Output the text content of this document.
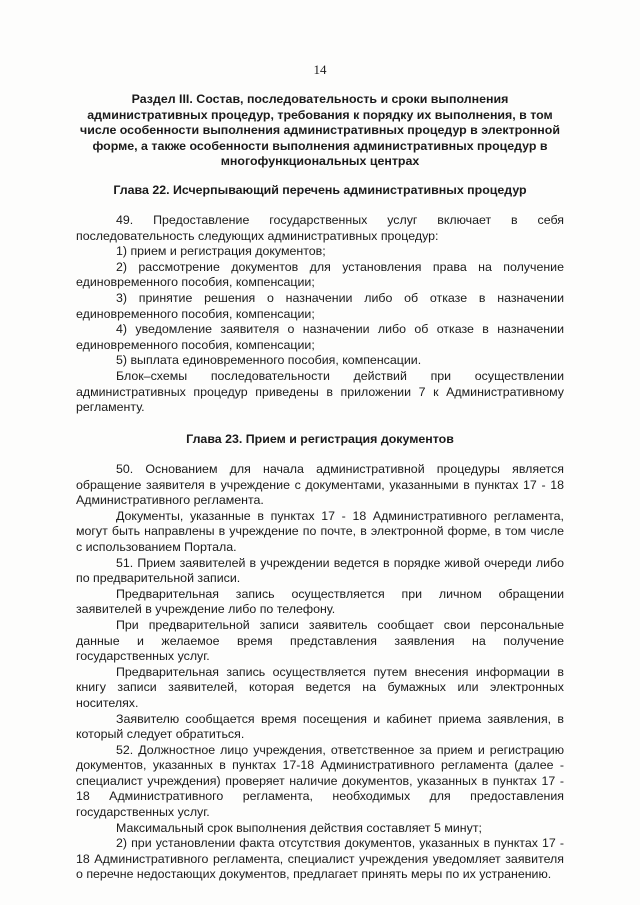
14
Раздел III. Состав, последовательность и сроки выполнения административных процедур, требования к порядку их выполнения, в том числе особенности выполнения административных процедур в электронной форме, а также особенности выполнения административных процедур в многофункциональных центрах
Глава 22. Исчерпывающий перечень административных процедур

49. Предоставление государственных услуг включает в себя последовательность следующих административных процедур:

1) прием и регистрация документов;

2) рассмотрение документов для установления права на получение единовременного пособия, компенсации;

3) принятие решения о назначении либо об отказе в назначении единовременного пособия, компенсации;

4) уведомление заявителя о назначении либо об отказе в назначении единовременного пособия, компенсации;

5) выплата единовременного пособия, компенсации.

Блок–схемы последовательности действий при осуществлении административных процедур приведены в приложении 7 к Административному регламенту.

Глава 23. Прием и регистрация документов

50. Основанием для начала административной процедуры является обращение заявителя в учреждение с документами, указанными в пунктах 17 - 18 Административного регламента.

Документы, указанные в пунктах 17 - 18 Административного регламента, могут быть направлены в учреждение по почте, в электронной форме, в том числе с использованием Портала.

51. Прием заявителей в учреждении ведется в порядке живой очереди либо по предварительной записи.

Предварительная запись осуществляется при личном обращении заявителей в учреждение либо по телефону.

При предварительной записи заявитель сообщает свои персональные данные и желаемое время представления заявления на получение государственных услуг.

Предварительная запись осуществляется путем внесения информации в книгу записи заявителей, которая ведется на бумажных или электронных носителях.

Заявителю сообщается время посещения и кабинет приема заявления, в который следует обратиться.

52. Должностное лицо учреждения, ответственное за прием и регистрацию документов, указанных в пунктах 17-18 Административного регламента (далее - специалист учреждения) проверяет наличие документов, указанных в пунктах 17 - 18 Административного регламента, необходимых для предоставления государственных услуг.

Максимальный срок выполнения действия составляет 5 минут;

2) при установлении факта отсутствия документов, указанных в пунктах 17 - 18 Административного регламента, специалист учреждения уведомляет заявителя о перечне недостающих документов, предлагает принять меры по их устранению.
